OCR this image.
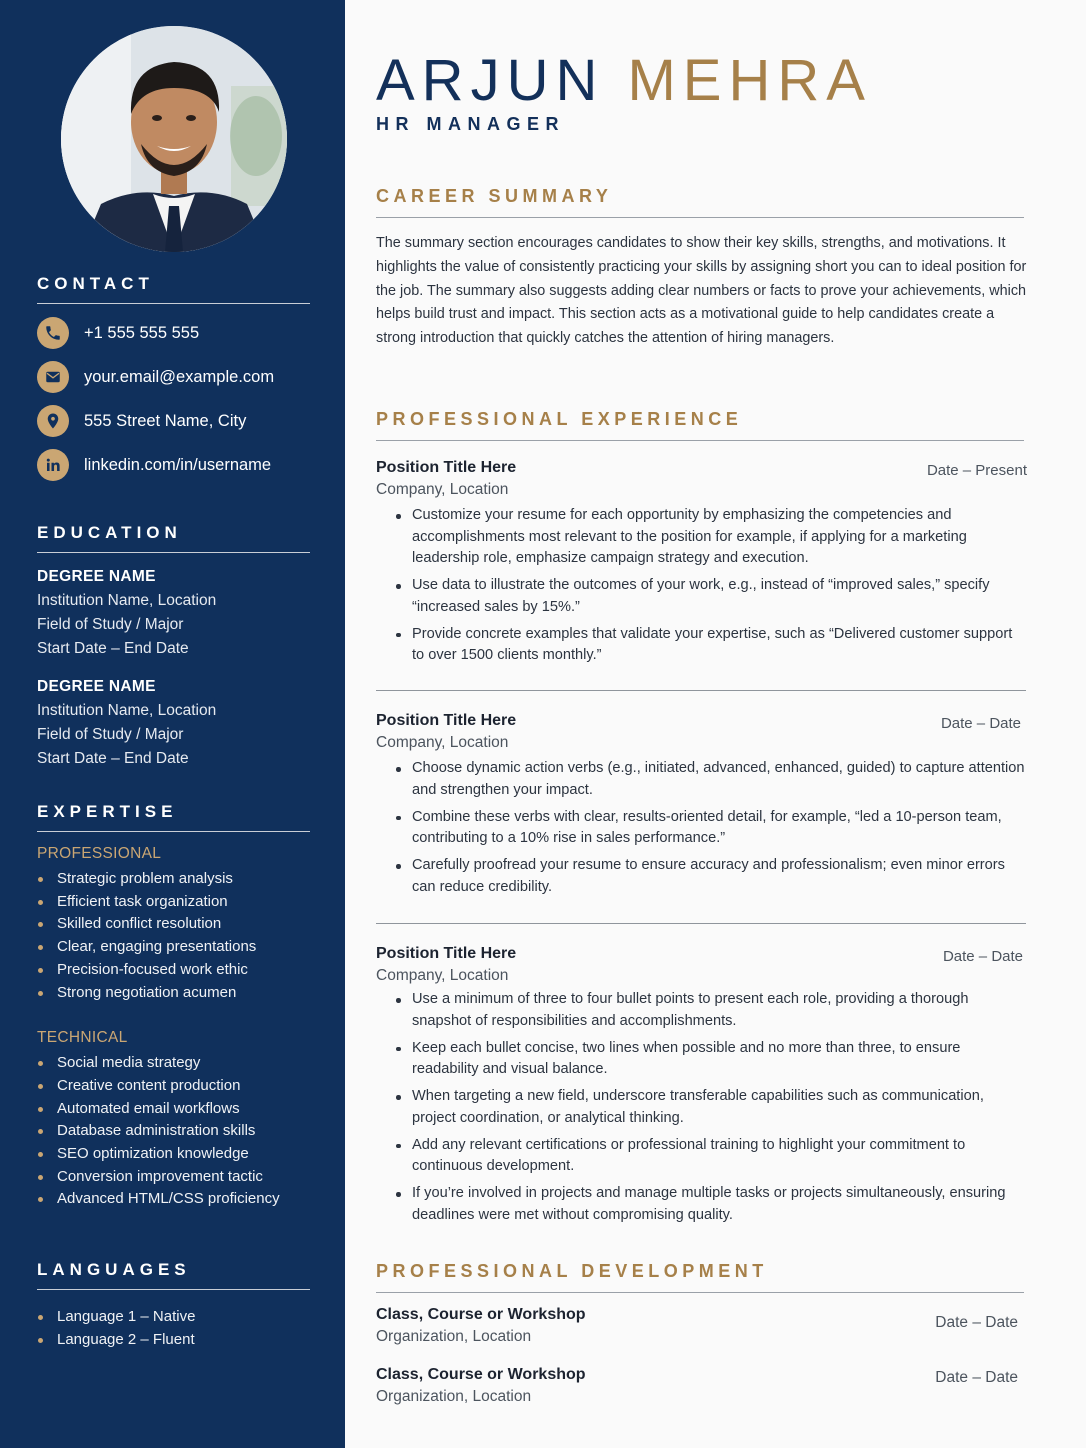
CONTACT
+1 555 555 555
your.email@example.com
555 Street Name, City
linkedin.com/in/username
EDUCATION
DEGREE NAME
Institution Name, Location
Field of Study / Major
Start Date – End Date
DEGREE NAME
Institution Name, Location
Field of Study / Major
Start Date – End Date
EXPERTISE
PROFESSIONAL
Strategic problem analysis
Efficient task organization
Skilled conflict resolution
Clear, engaging presentations
Precision-focused work ethic
Strong negotiation acumen
TECHNICAL
Social media strategy
Creative content production
Automated email workflows
Database administration skills
SEO optimization knowledge
Conversion improvement tactic
Advanced HTML/CSS proficiency
LANGUAGES
Language 1 – Native
Language 2 – Fluent
ARJUN MEHRA
HR MANAGER
CAREER SUMMARY

The summary section encourages candidates to show their key skills, strengths, and motivations. It highlights the value of consistently practicing your skills by assigning short you can to ideal position for the job. The summary also suggests adding clear numbers or facts to prove your achievements, which helps build trust and impact. This section acts as a motivational guide to help candidates create a strong introduction that quickly catches the attention of hiring managers.

PROFESSIONAL EXPERIENCE
Position Title Here
Company, Location
Date – Present
Customize your resume for each opportunity by emphasizing the competencies and accomplishments most relevant to the position for example, if applying for a marketing leadership role, emphasize campaign strategy and execution.
Use data to illustrate the outcomes of your work, e.g., instead of “improved sales,” specify “increased sales by 15%.”
Provide concrete examples that validate your expertise, such as “Delivered customer support to over 1500 clients monthly.”
Position Title Here
Company, Location
Date – Date
Choose dynamic action verbs (e.g., initiated, advanced, enhanced, guided) to capture attention and strengthen your impact.
Combine these verbs with clear, results-oriented detail, for example, “led a 10-person team, contributing to a 10% rise in sales performance.”
Carefully proofread your resume to ensure accuracy and professionalism; even minor errors can reduce credibility.
Position Title Here
Company, Location
Date – Date
Use a minimum of three to four bullet points to present each role, providing a thorough snapshot of responsibilities and accomplishments.
Keep each bullet concise, two lines when possible and no more than three, to ensure readability and visual balance.
When targeting a new field, underscore transferable capabilities such as communication, project coordination, or analytical thinking.
Add any relevant certifications or professional training to highlight your commitment to continuous development.
If you’re involved in projects and manage multiple tasks or projects simultaneously, ensuring deadlines were met without compromising quality.
PROFESSIONAL DEVELOPMENT
Class, Course or Workshop
Organization, Location
Date – Date
Class, Course or Workshop
Organization, Location
Date – Date
